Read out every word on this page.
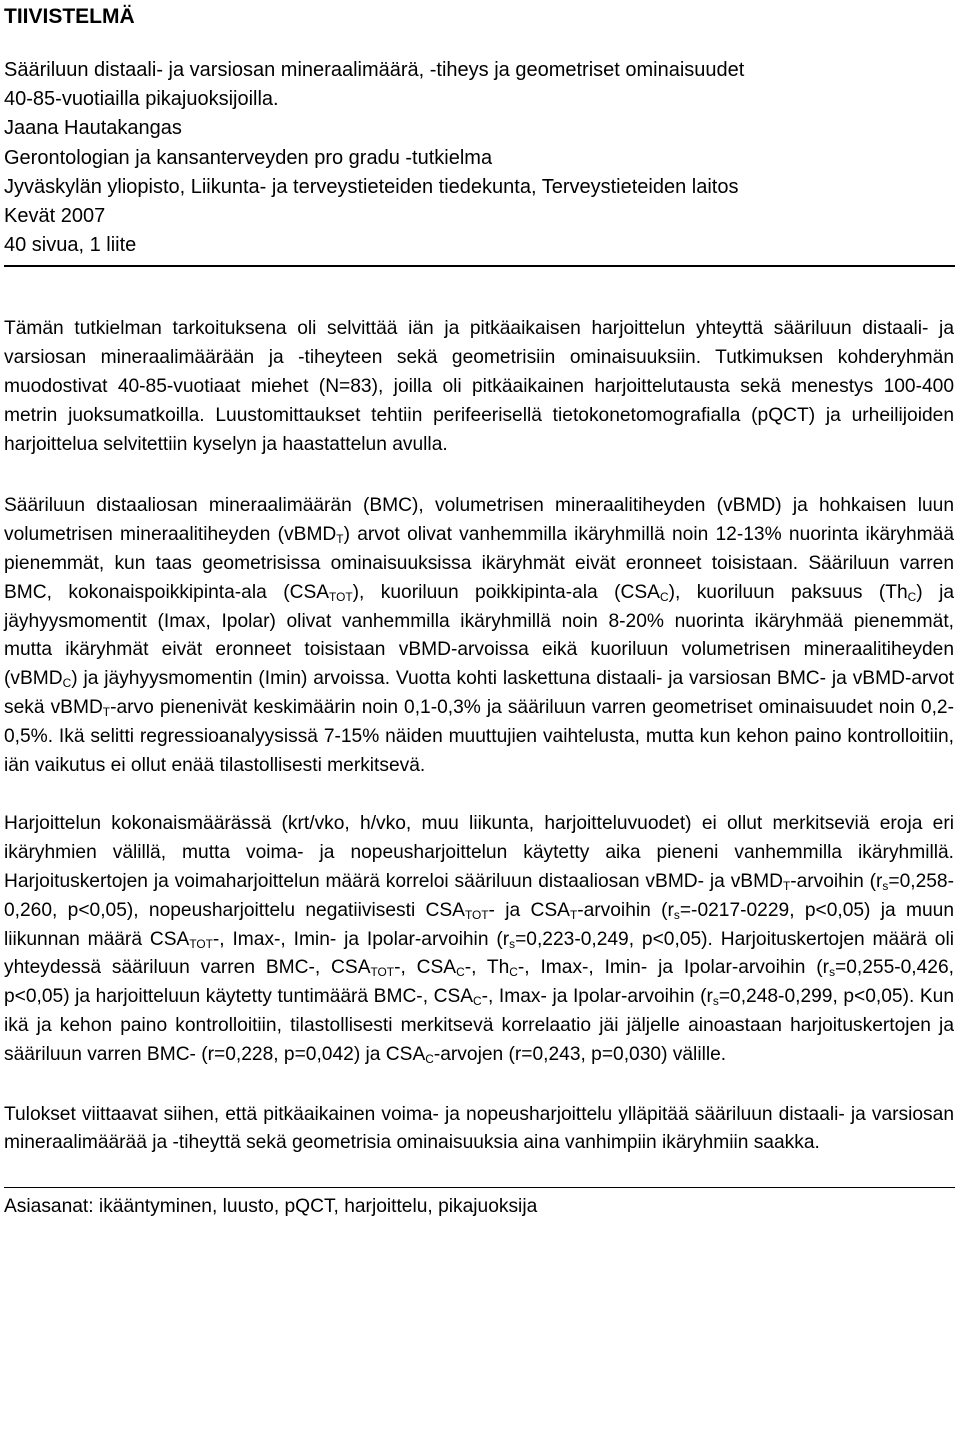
TIIVISTELMÄ
Sääriluun distaali- ja varsiosan mineraalimäärä, -tiheys ja geometriset ominaisuudet
40-85-vuotiailla pikajuoksijoilla.
Jaana Hautakangas
Gerontologian ja kansanterveyden pro gradu -tutkielma
Jyväskylän yliopisto, Liikunta- ja terveystieteiden tiedekunta, Terveystieteiden laitos
Kevät 2007
40 sivua, 1 liite

Tämän tutkielman tarkoituksena oli selvittää iän ja pitkäaikaisen harjoittelun yhteyttä sääriluun distaali- ja varsiosan mineraalimäärään ja -tiheyteen sekä geometrisiin ominaisuuksiin. Tutkimuksen kohderyhmän muodostivat 40-85-vuotiaat miehet (N=83), joilla oli pitkäaikainen harjoittelutausta sekä menestys 100-400 metrin juoksumatkoilla. Luustomittaukset tehtiin perifeerisellä tietokonetomografialla (pQCT) ja urheilijoiden harjoittelua selvitettiin kyselyn ja haastattelun avulla.

Sääriluun distaaliosan mineraalimäärän (BMC), volumetrisen mineraalitiheyden (vBMD) ja hohkaisen luun volumetrisen mineraalitiheyden (vBMD$_T$) arvot olivat vanhemmilla ikäryhmillä noin 12-13% nuorinta ikäryhmää pienemmät, kun taas geometrisissa ominaisuuksissa ikäryhmät eivät eronneet toisistaan. Sääriluun varren BMC, kokonaispoikkipinta-ala $(CSA_{TOT})$, kuoriluun poikkipinta-ala $(CSA_C)$, kuoriluun paksuus $(Th_C)$ ja jäyhyysmomentit (Imax, Ipolar) olivat vanhemmilla ikäryhmillä noin 8-20% nuorinta ikäryhmää pienemmät, mutta ikäryhmät eivät eronneet toisistaan vBMD-arvoissa eikä kuoriluun volumetrisen mineraalitiheyden (vBMD$_C$) ja jäyhyysmomentin (Imin) arvoissa. Vuotta kohti laskettuna distaali- ja varsiosan BMC- ja vBMD-arvot sekä vBMD$_T$-arvo pienenivät keskimäärin noin 0,1-0,3% ja sääriluun varren geometriset ominaisuudet noin 0,2-0,5%. Ikä selitti regressioanalyysissä 7-15% näiden muuttujien vaihtelusta, mutta kun kehon paino kontrolloitiin, iän vaikutus ei ollut enää tilastollisesti merkitsevä.

Harjoittelun kokonaismäärässä (krt/vko, h/vko, muu liikunta, harjoitteluvuodet) ei ollut merkitseviä eroja eri ikäryhmien välillä, mutta voima- ja nopeusharjoittelun käytetty aika pieneni vanhemmilla ikäryhmillä. Harjoituskertojen ja voimaharjoittelun määrä korreloi sääriluun distaaliosan vBMD- ja vBMD$_T$-arvoihin ($r_s=0,258-0,260$, p<0,05), nopeusharjoittelu negatiivisesti $CSA_{TOT}-$ ja $CSA_T$-arvoihin ($r_s=-0217-0229$, p<0,05) ja muun liikunnan määrä $CSA_{TOT}-$, Imax-, Imin- ja Ipolar-arvoihin ($r_s=0,223-0,249$, p<0,05). Harjoituskertojen määrä oli yhteydessä sääriluun varren BMC-, $CSA_{TOT}-$, $CSA_C-$, $Th_C-$, Imax-, Imin- ja Ipolar-arvoihin ($r_s=0,255-0,426$, p<0,05) ja harjoitteluun käytetty tuntimäärä BMC-, $CSA_C-$, Imax- ja Ipolar-arvoihin ($r_s=0,248-0,299$, p<0,05). Kun ikä ja kehon paino kontrolloitiin, tilastollisesti merkitsevä korrelaatio jäi jäljelle ainoastaan harjoituskertojen ja sääriluun varren BMC- (r=0,228, p=0,042) ja $CSA_C$-arvojen (r=0,243, p=0,030) välille.

Tulokset viittaavat siihen, että pitkäaikainen voima- ja nopeusharjoittelu ylläpitää sääriluun distaali- ja varsiosan mineraalimäärää ja -tiheyttä sekä geometrisia ominaisuuksia aina vanhimpiin ikäryhmiin saakka.

Asiasanat: ikääntyminen, luusto, pQCT, harjoittelu, pikajuoksija
